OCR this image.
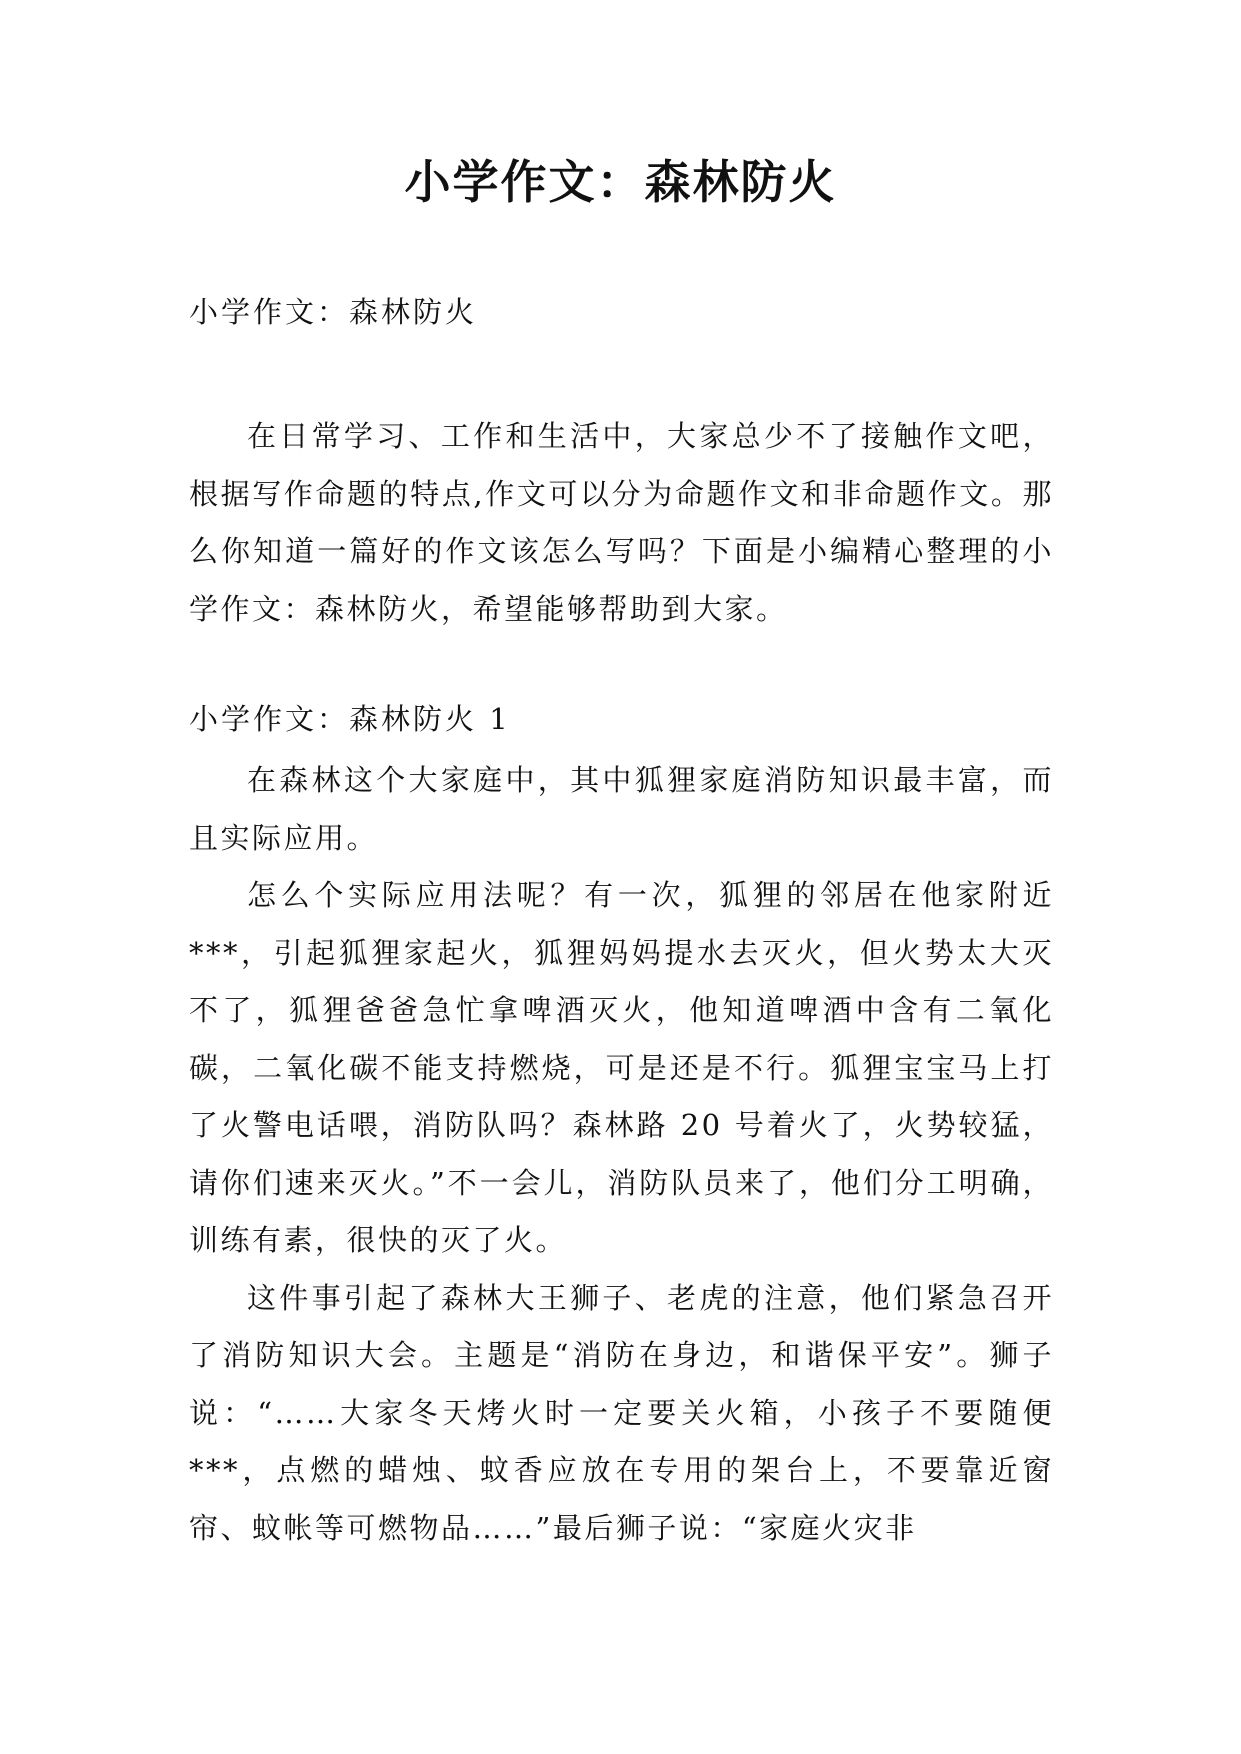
小学作文：森林防火
小学作文：森林防火

在日常学习、工作和生活中，大家总少不了接触作文吧，根据写作命题的特点,作文可以分为命题作文和非命题作文。那么你知道一篇好的作文该怎么写吗？下面是小编精心整理的小学作文：森林防火，希望能够帮助到大家。

小学作文：森林防火 1

在森林这个大家庭中，其中狐狸家庭消防知识最丰富，而且实际应用。

怎么个实际应用法呢？有一次，狐狸的邻居在他家附近***，引起狐狸家起火，狐狸妈妈提水去灭火，但火势太大灭不了，狐狸爸爸急忙拿啤酒灭火，他知道啤酒中含有二氧化碳，二氧化碳不能支持燃烧，可是还是不行。狐狸宝宝马上打了火警电话喂，消防队吗？森林路 20 号着火了，火势较猛，请你们速来灭火。”不一会儿，消防队员来了，他们分工明确，训练有素，很快的灭了火。

这件事引起了森林大王狮子、老虎的注意，他们紧急召开了消防知识大会。主题是“消防在身边，和谐保平安”。狮子说：“……大家冬天烤火时一定要关火箱，小孩子不要随便***，点燃的蜡烛、蚊香应放在专用的架台上，不要靠近窗帘、蚊帐等可燃物品……”最后狮子说：“家庭火灾非
